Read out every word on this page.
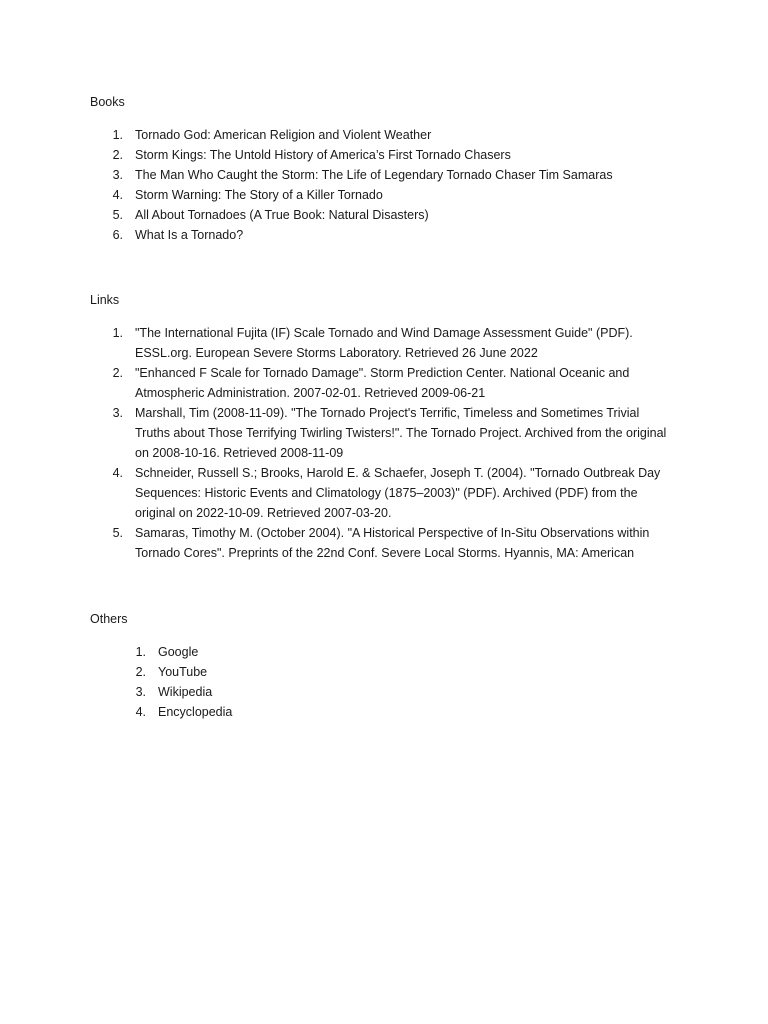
Books
1. Tornado God: American Religion and Violent Weather
2. Storm Kings: The Untold History of America’s First Tornado Chasers
3. The Man Who Caught the Storm: The Life of Legendary Tornado Chaser Tim Samaras
4. Storm Warning: The Story of a Killer Tornado
5. All About Tornadoes (A True Book: Natural Disasters)
6. What Is a Tornado?
Links
1. "The International Fujita (IF) Scale Tornado and Wind Damage Assessment Guide" (PDF). ESSL.org. European Severe Storms Laboratory. Retrieved 26 June 2022
2. "Enhanced F Scale for Tornado Damage". Storm Prediction Center. National Oceanic and Atmospheric Administration. 2007-02-01. Retrieved 2009-06-21
3. Marshall, Tim (2008-11-09). "The Tornado Project's Terrific, Timeless and Sometimes Trivial Truths about Those Terrifying Twirling Twisters!". The Tornado Project. Archived from the original on 2008-10-16. Retrieved 2008-11-09
4. Schneider, Russell S.; Brooks, Harold E. & Schaefer, Joseph T. (2004). "Tornado Outbreak Day Sequences: Historic Events and Climatology (1875–2003)" (PDF). Archived (PDF) from the original on 2022-10-09. Retrieved 2007-03-20.
5. Samaras, Timothy M. (October 2004). "A Historical Perspective of In-Situ Observations within Tornado Cores". Preprints of the 22nd Conf. Severe Local Storms. Hyannis, MA: American
Others
1. Google
2. YouTube
3. Wikipedia
4. Encyclopedia
